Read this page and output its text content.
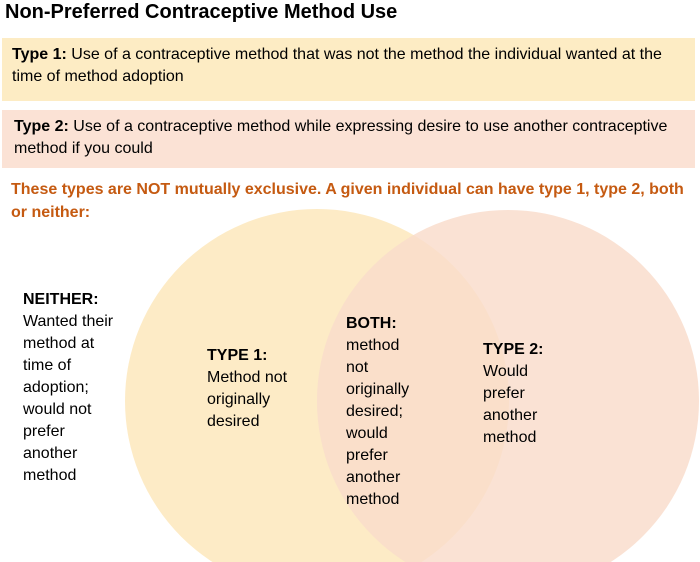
Non-Preferred Contraceptive Method Use
Type 1: Use of a contraceptive method that was not the method the individual wanted at the time of method adoption
Type 2: Use of a contraceptive method while expressing desire to use another contraceptive method if you could
These types are NOT mutually exclusive. A given individual can have type 1, type 2, both or neither:
NEITHER:
Wanted their method at time of adoption; would not prefer another method
TYPE 1:
Method not originally desired
BOTH:
method not originally desired; would prefer another method
TYPE 2:
Would prefer another method
